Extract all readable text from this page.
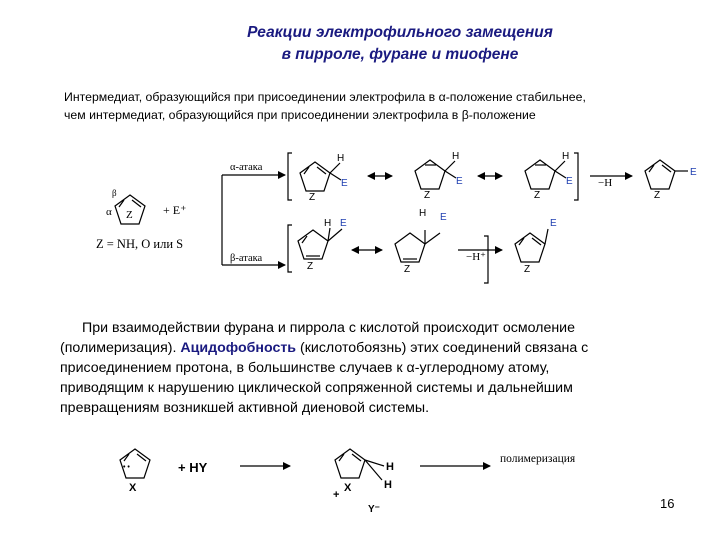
Реакции электрофильного замещения
в пирроле, фуране и тиофене
Интермедиат, образующийся при присоединении электрофила в α-положение стабильнее,
чем интермедиат, образующийся при присоединении электрофила в β-положение
α
β
Z	+ E⁺
Z = NH, O или S
α-атака
β-атака
Z
H
E
Z
H
E
Z
H
E −H
Z
E
Z
H E
Z
H E
−H⁺
Z
E
X
• •	+ HY
X
H
H
+
Y⁻
полимеризация
При взаимодействии фурана и пиррола с кислотой происходит осмоление
(полимеризация). Ацидофобность (кислотобоязнь) этих соединений связана с
присоединением протона, в большинстве случаев к α-углеродному атому,
приводящим к нарушению циклической сопряженной системы и дальнейшим
превращениям возникшей активной диеновой системы.
16
